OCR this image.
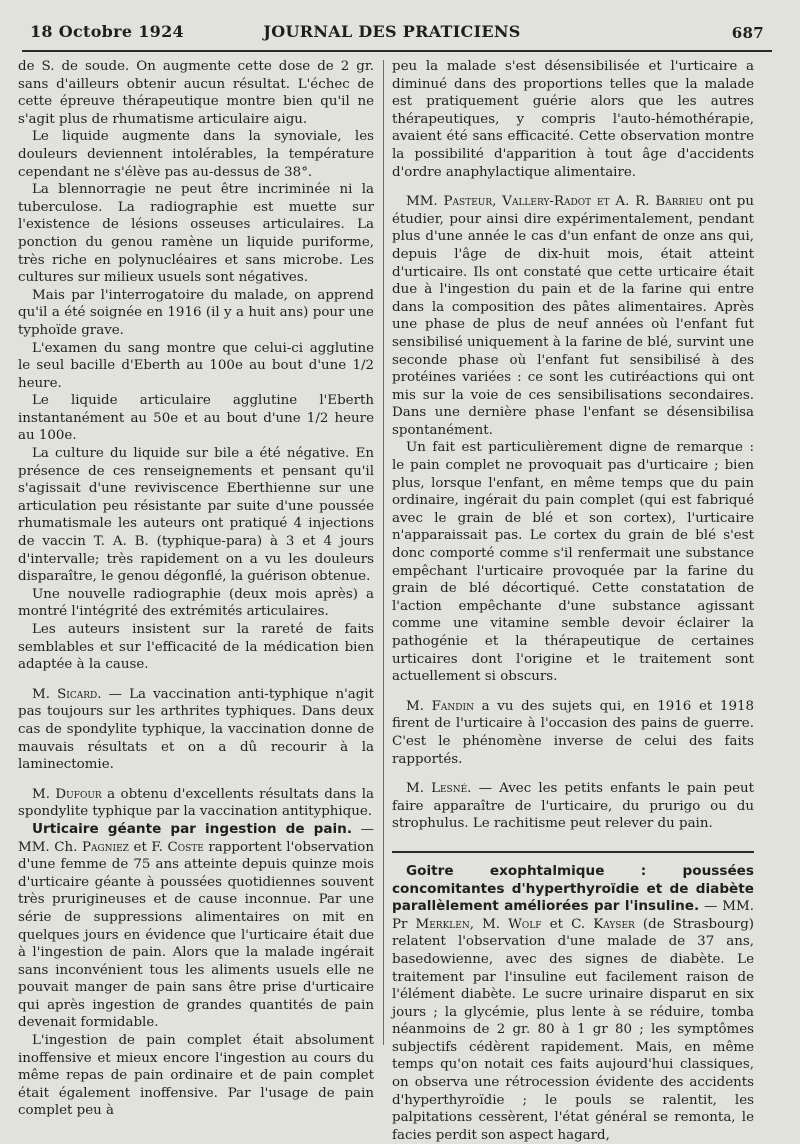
18 Octobre 1924	JOURNAL DES PRATICIENS	687

de S. de soude. On augmente cette dose de 2 gr. sans d'ailleurs obtenir aucun résultat. L'échec de cette épreuve thérapeutique montre bien qu'il ne s'agit plus de rhumatisme articulaire aigu.

Le liquide augmente dans la synoviale, les douleurs deviennent intolérables, la température cependant ne s'élève pas au-dessus de 38°.

La blennorragie ne peut être incriminée ni la tuberculose. La radiographie est muette sur l'existence de lésions osseuses articulaires. La ponction du genou ramène un liquide puriforme, très riche en polynucléaires et sans microbe. Les cultures sur milieux usuels sont négatives.

Mais par l'interrogatoire du malade, on apprend qu'il a été soignée en 1916 (il y a huit ans) pour une typhoïde grave.

L'examen du sang montre que celui-ci agglutine le seul bacille d'Eberth au 100e au bout d'une 1/2 heure.

Le liquide articulaire agglutine l'Eberth instantanément au 50e et au bout d'une 1/2 heure au 100e.

La culture du liquide sur bile a été négative. En présence de ces renseignements et pensant qu'il s'agissait d'une reviviscence Eberthienne sur une articulation peu résistante par suite d'une poussée rhumatismale les auteurs ont pratiqué 4 injections de vaccin T. A. B. (typhique-para) à 3 et 4 jours d'intervalle; très rapidement on a vu les douleurs disparaître, le genou dégonflé, la guérison obtenue.

Une nouvelle radiographie (deux mois après) a montré l'intégrité des extrémités articulaires.

Les auteurs insistent sur la rareté de faits semblables et sur l'efficacité de la médication bien adaptée à la cause.

M. Sicard. — La vaccination anti-typhique n'agit pas toujours sur les arthrites typhiques. Dans deux cas de spondylite typhique, la vaccination donne de mauvais résultats et on a dû recourir à la laminectomie.

M. Dufour a obtenu d'excellents résultats dans la spondylite typhique par la vaccination antityphique.

Urticaire géante par ingestion de pain. — MM. Ch. Pagniez et F. Coste rapportent l'observation d'une femme de 75 ans atteinte depuis quinze mois d'urticaire géante à poussées quotidiennes souvent très prurigineuses et de cause inconnue. Par une série de suppressions alimentaires on mit en quelques jours en évidence que l'urticaire était due à l'ingestion de pain. Alors que la malade ingérait sans inconvénient tous les aliments usuels elle ne pouvait manger de pain sans être prise d'urticaire qui après ingestion de grandes quantités de pain devenait formidable.

L'ingestion de pain complet était absolument inoffensive et mieux encore l'ingestion au cours du même repas de pain ordinaire et de pain complet était également inoffensive. Par l'usage de pain complet peu à

peu la malade s'est désensibilisée et l'urticaire a diminué dans des proportions telles que la malade est pratiquement guérie alors que les autres thérapeutiques, y compris l'auto-hémothérapie, avaient été sans efficacité. Cette observation montre la possibilité d'apparition à tout âge d'accidents d'ordre anaphylactique alimentaire.

MM. Pasteur, Vallery-Radot et A. R. Barrieu ont pu étudier, pour ainsi dire expérimentalement, pendant plus d'une année le cas d'un enfant de onze ans qui, depuis l'âge de dix-huit mois, était atteint d'urticaire. Ils ont constaté que cette urticaire était due à l'ingestion du pain et de la farine qui entre dans la composition des pâtes alimentaires. Après une phase de plus de neuf années où l'enfant fut sensibilisé uniquement à la farine de blé, survint une seconde phase où l'enfant fut sensibilisé à des protéines variées : ce sont les cutiréactions qui ont mis sur la voie de ces sensibilisations secondaires. Dans une dernière phase l'enfant se désensibilisa spontanément.

Un fait est particulièrement digne de remarque : le pain complet ne provoquait pas d'urticaire ; bien plus, lorsque l'enfant, en même temps que du pain ordinaire, ingérait du pain complet (qui est fabriqué avec le grain de blé et son cortex), l'urticaire n'apparaissait pas. Le cortex du grain de blé s'est donc comporté comme s'il renfermait une substance empêchant l'urticaire provoquée par la farine du grain de blé décortiqué. Cette constatation de l'action empêchante d'une substance agissant comme une vitamine semble devoir éclairer la pathogénie et la thérapeutique de certaines urticaires dont l'origine et le traitement sont actuellement si obscurs.

M. Fandin a vu des sujets qui, en 1916 et 1918 firent de l'urticaire à l'occasion des pains de guerre. C'est le phénomène inverse de celui des faits rapportés.

M. Lesné. — Avec les petits enfants le pain peut faire apparaître de l'urticaire, du prurigo ou du strophulus. Le rachitisme peut relever du pain.

Goitre exophtalmique : poussées concomitantes d'hyperthyroïdie et de diabète parallèlement améliorées par l'insuline. — MM. Pr Merklen, M. Wolf et C. Kayser (de Strasbourg) relatent l'observation d'une malade de 37 ans, basedowienne, avec des signes de diabète. Le traitement par l'insuline eut facilement raison de l'élément diabète. Le sucre urinaire disparut en six jours ; la glycémie, plus lente à se réduire, tomba néanmoins de 2 gr. 80 à 1 gr 80 ; les symptômes subjectifs cédèrent rapidement. Mais, en même temps qu'on notait ces faits aujourd'hui classiques, on observa une rétrocession évidente des accidents d'hyperthyroïdie ; le pouls se ralentit, les palpitations cessèrent, l'état général se remonta, le facies perdit son aspect hagard,
